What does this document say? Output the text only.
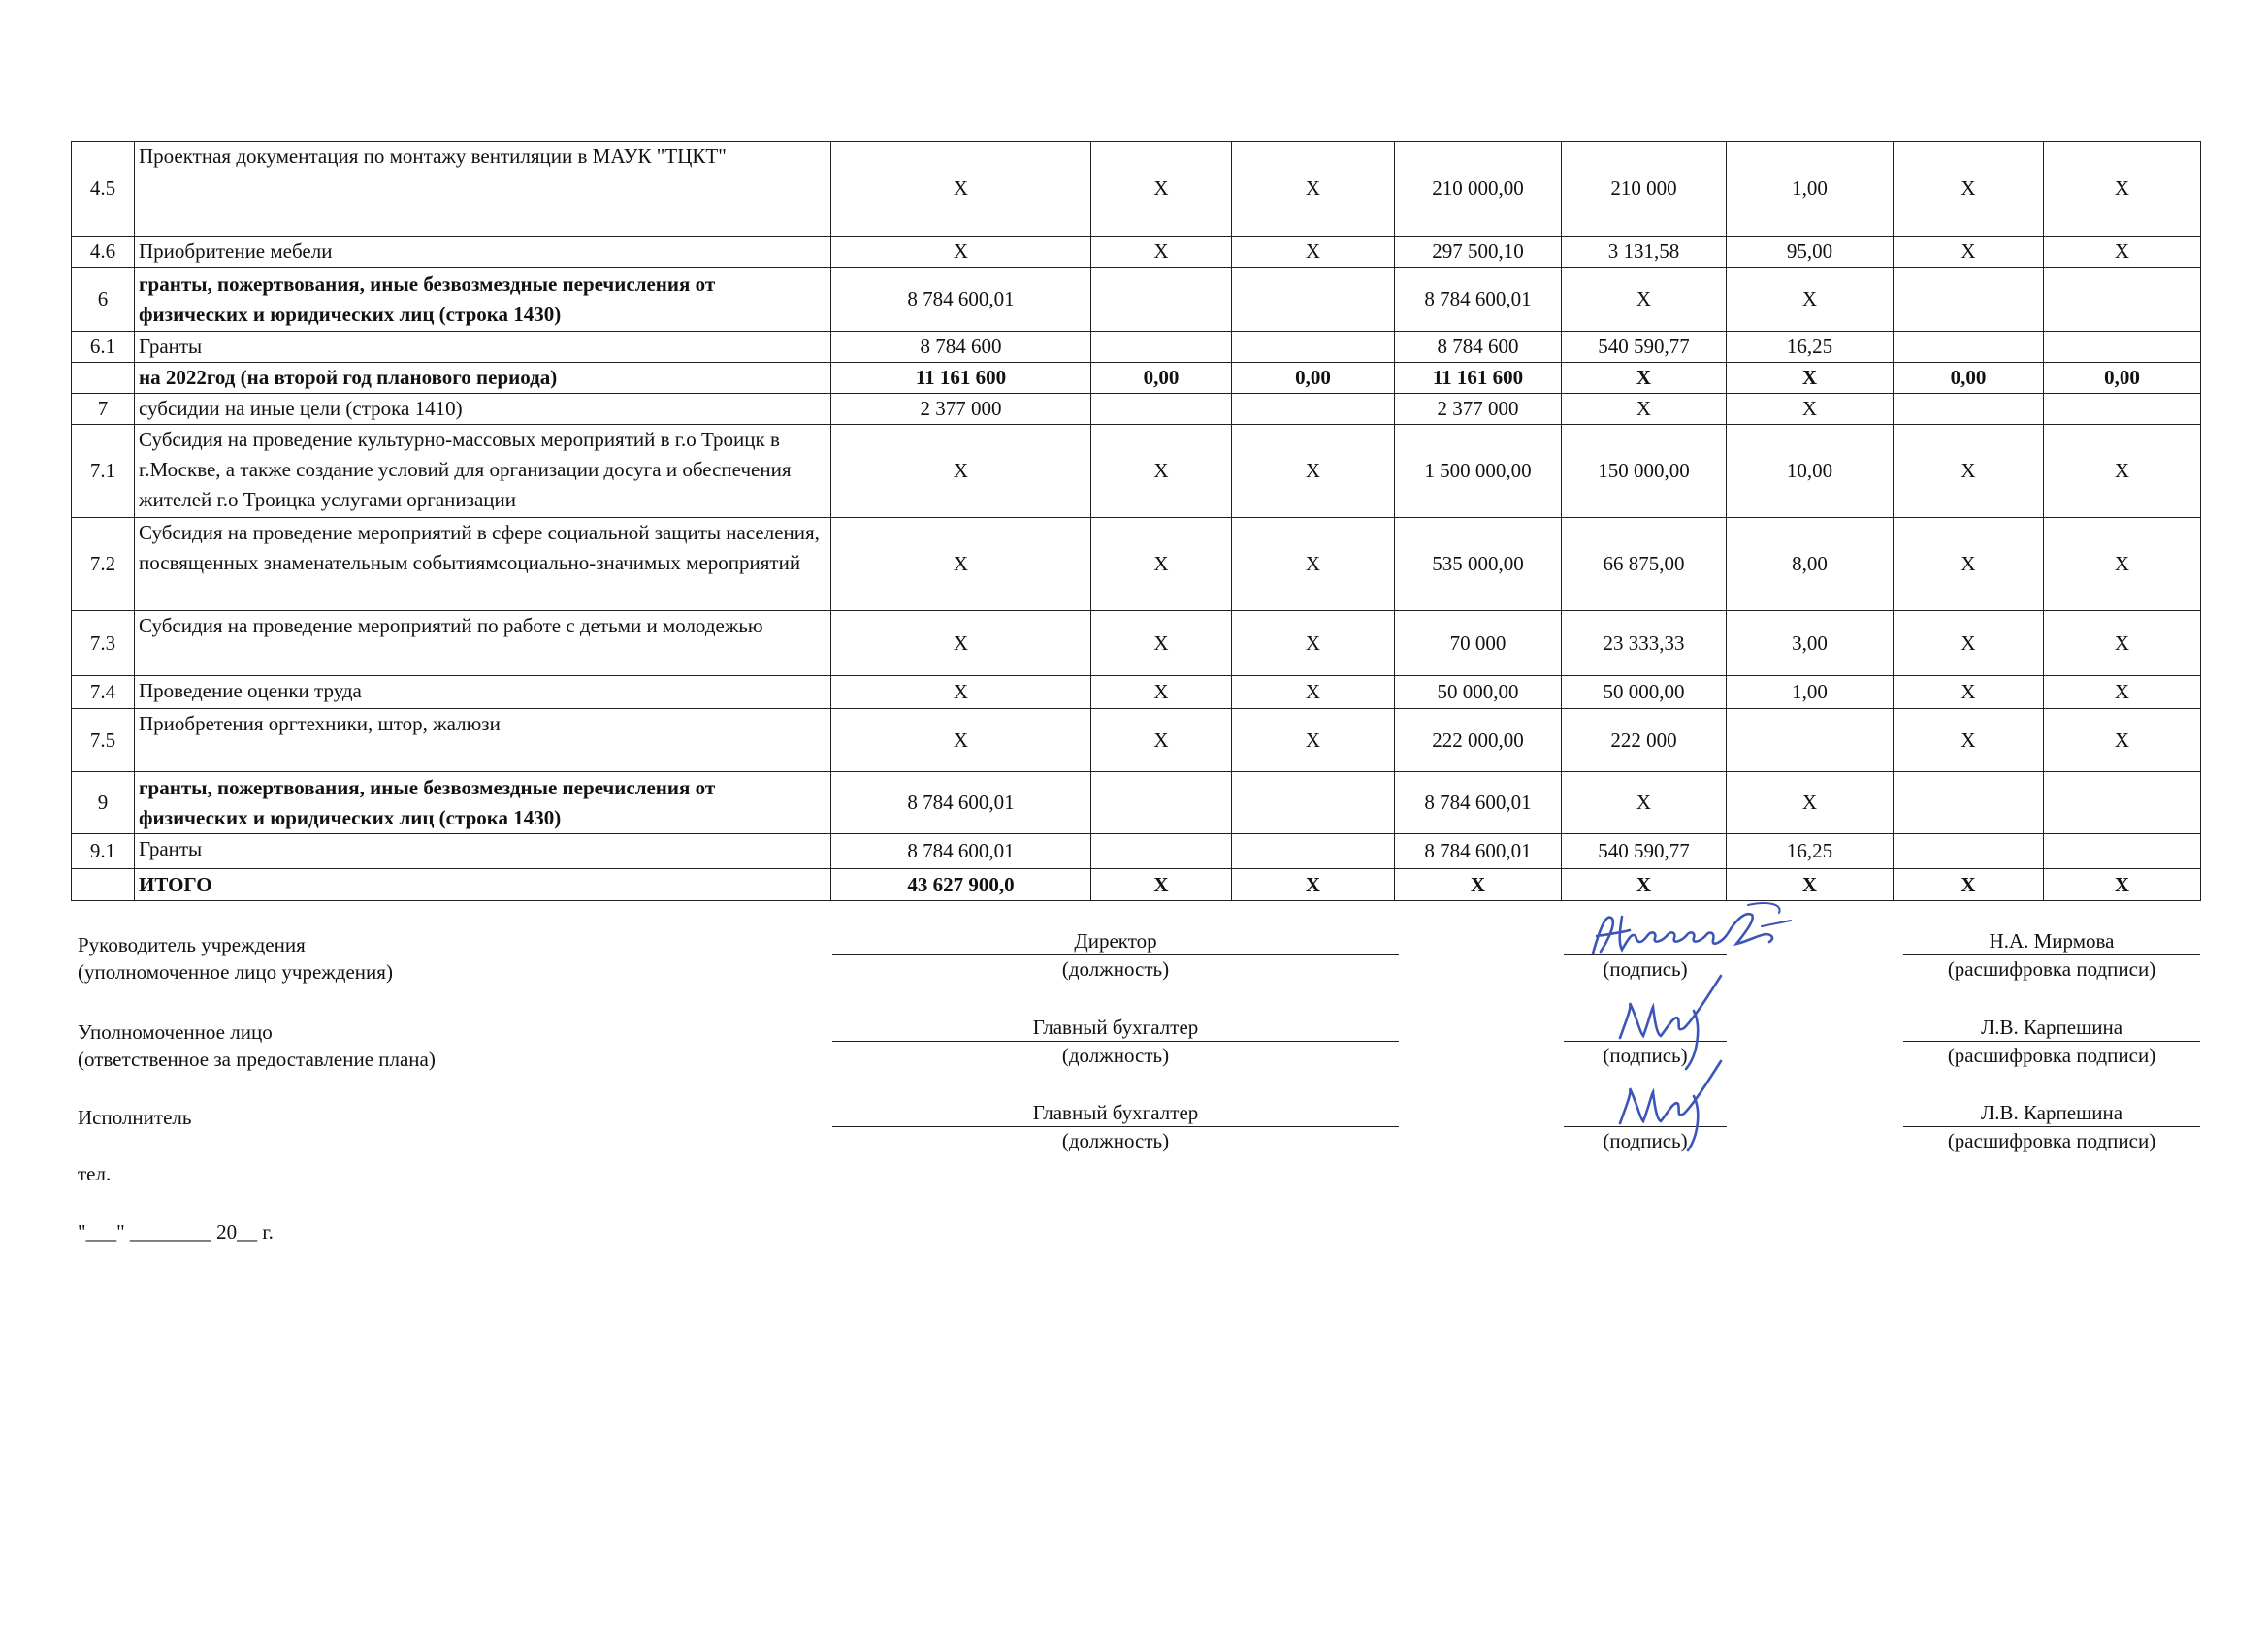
4.5	Проектная документация по монтажу вентиляции в МАУК "ТЦКТ"	X	X	X	210 000,00	210 000	1,00	X	X
4.6	Приобритение мебели	X	X	X	297 500,10	3 131,58	95,00	X	X
6	гранты, пожертвования, иные безвозмездные перечисления от физических и юридических лиц (строка 1430)	8 784 600,01			8 784 600,01	X	X		
6.1	Гранты	8 784 600			8 784 600	540 590,77	16,25		
	на 2022год (на второй год планового периода)	11 161 600	0,00	0,00	11 161 600	X	X	0,00	0,00
7	субсидии на иные цели (строка 1410)	2 377 000			2 377 000	X	X		
7.1	Субсидия на проведение культурно-массовых мероприятий в г.о Троицк в г.Москве, а также создание условий для организации досуга и обеспечения жителей г.о Троицка услугами организации	X	X	X	1 500 000,00	150 000,00	10,00	X	X
7.2	Субсидия на проведение мероприятий в сфере социальной защиты населения, посвященных знаменательным событиямсоциально-значимых мероприятий	X	X	X	535 000,00	66 875,00	8,00	X	X
7.3	Субсидия на проведение мероприятий по работе с детьми и молодежью	X	X	X	70 000	23 333,33	3,00	X	X
7.4	Проведение оценки труда	X	X	X	50 000,00	50 000,00	1,00	X	X
7.5	Приобретения оргтехники, штор, жалюзи	X	X	X	222 000,00	222 000		X	X
9	гранты, пожертвования, иные безвозмездные перечисления от физических и юридических лиц (строка 1430)	8 784 600,01			8 784 600,01	X	X		
9.1	Гранты	8 784 600,01			8 784 600,01	540 590,77	16,25		
	ИТОГО	43 627 900,0	X	X	X	X	X	X	X
Руководитель учреждения
(уполномоченное лицо учреждения)
Директор
(должность)	(подпись)
Н.А. Мирмова
(расшифровка подписи)
Уполномоченное лицо
(ответственное за предоставление плана)
Главный бухгалтер
(должность)	(подпись)
Л.В. Карпешина
(расшифровка подписи)
Исполнитель	Главный бухгалтер
(должность)	(подпись)
Л.В. Карпешина
(расшифровка подписи)
тел.
"___" ________ 20__ г.
